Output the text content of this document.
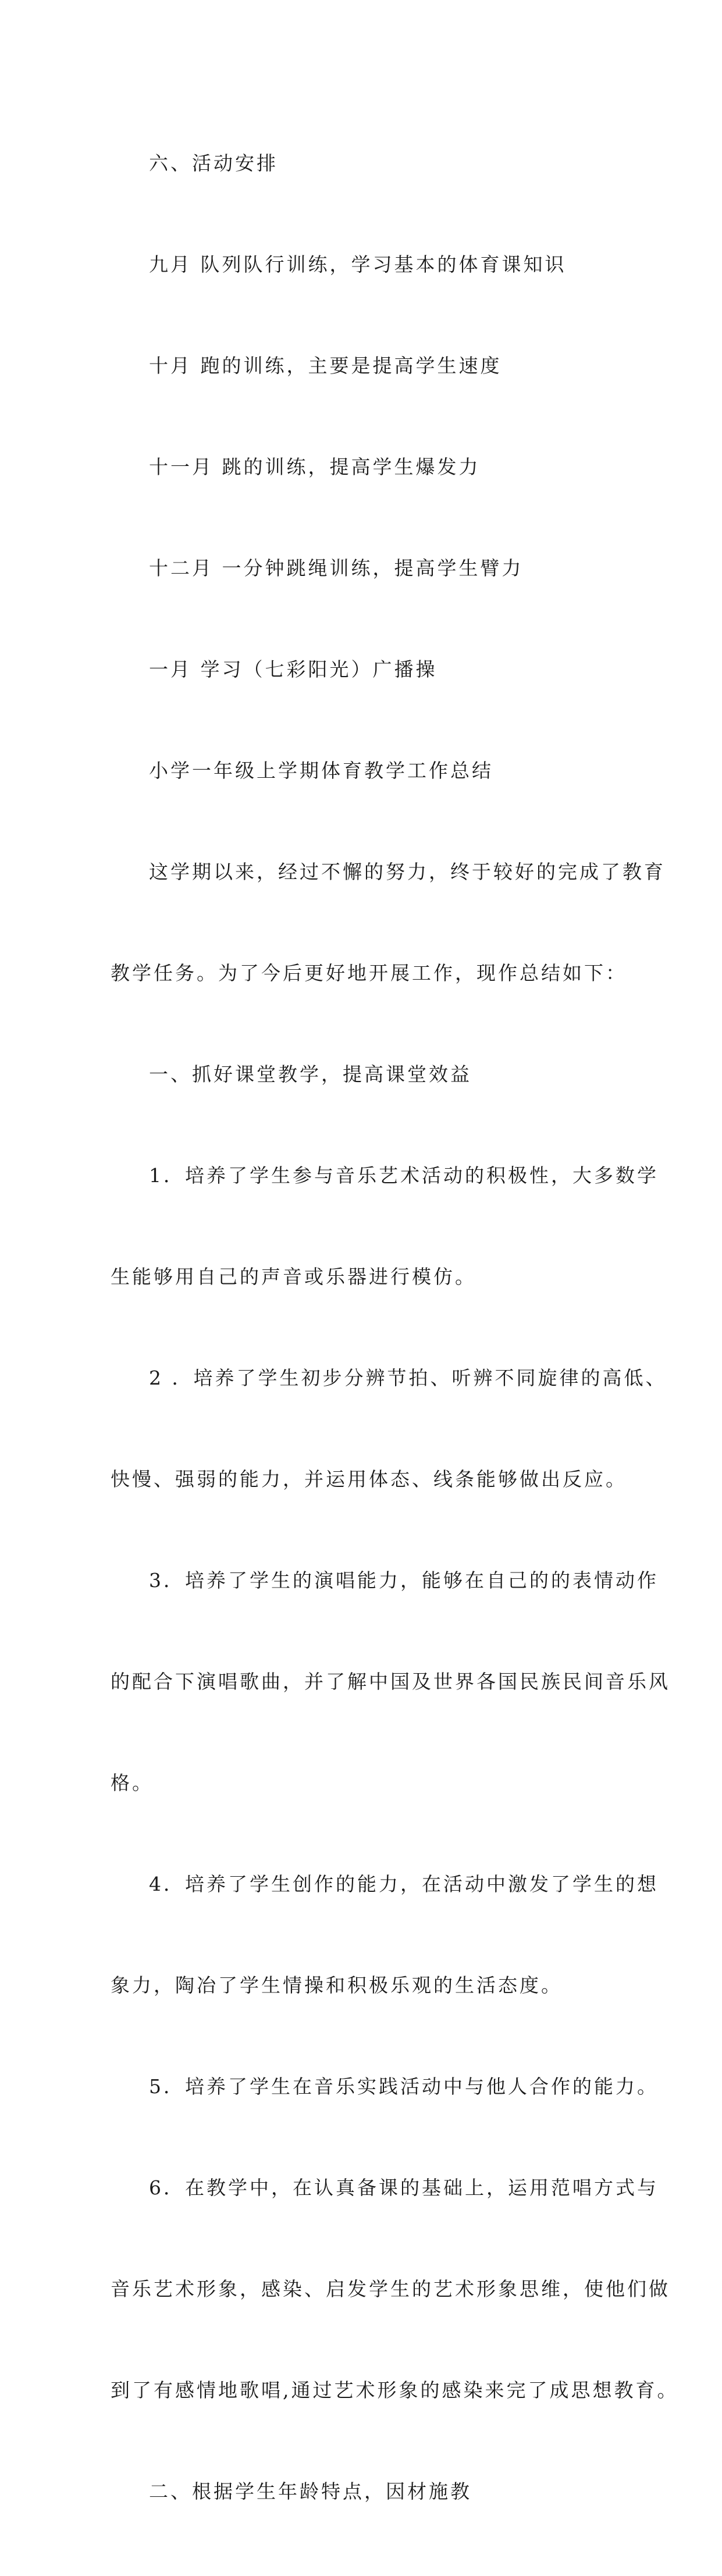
六、活动安排

九月 队列队行训练，学习基本的体育课知识

十月 跑的训练，主要是提高学生速度

十一月 跳的训练，提高学生爆发力

十二月 一分钟跳绳训练，提高学生臂力

一月 学习（七彩阳光）广播操

小学一年级上学期体育教学工作总结

这学期以来，经过不懈的努力，终于较好的完成了教育

教学任务。为了今后更好地开展工作，现作总结如下：

一、抓好课堂教学，提高课堂效益

1．培养了学生参与音乐艺术活动的积极性，大多数学

生能够用自己的声音或乐器进行模仿。

2 ．培养了学生初步分辨节拍、听辨不同旋律的高低、

快慢、强弱的能力，并运用体态、线条能够做出反应。

3．培养了学生的演唱能力，能够在自己的的表情动作

的配合下演唱歌曲，并了解中国及世界各国民族民间音乐风

格。

4．培养了学生创作的能力，在活动中激发了学生的想

象力，陶冶了学生情操和积极乐观的生活态度。

5．培养了学生在音乐实践活动中与他人合作的能力。

6．在教学中，在认真备课的基础上，运用范唱方式与

音乐艺术形象，感染、启发学生的艺术形象思维，使他们做

到了有感情地歌唱,通过艺术形象的感染来完了成思想教育。

二、根据学生年龄特点，因材施教
